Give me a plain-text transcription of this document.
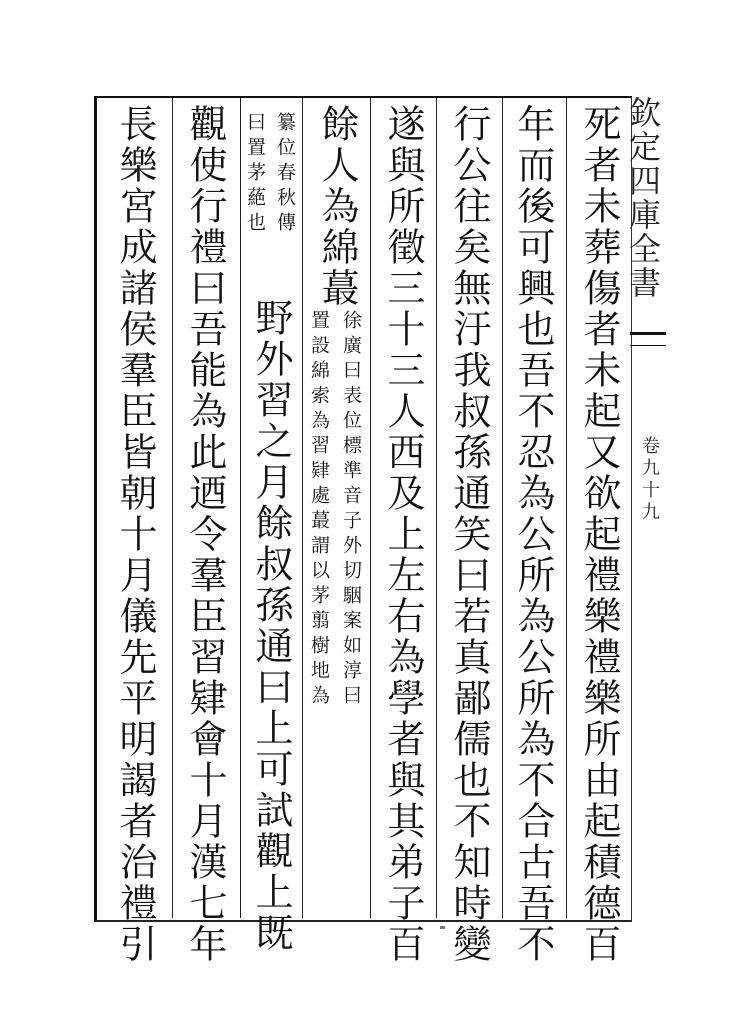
死者未葬傷者未起又欲起禮樂禮樂所由起積德百
年而後可興也吾不忍為公所為公所為不合古吾不
行公往矣無汙我叔孫通笑曰若真鄙儒也不知時變
遂與所徵三十三人西及上左右為學者與其弟子百
餘人為綿蕞
野外習之月餘叔孫通曰上可試觀上既
觀使行禮曰吾能為此迺令羣臣習肄會十月漢七年
長樂宮成諸侯羣臣皆朝十月儀先平明謁者治禮引	徐廣曰表位標準音子外切駰案如淳曰
置設綿索為習肄處蕞謂以茅翦樹地為
纂位春秋傳
曰置茅蕝也	欽定四庫全書
卷九十九
